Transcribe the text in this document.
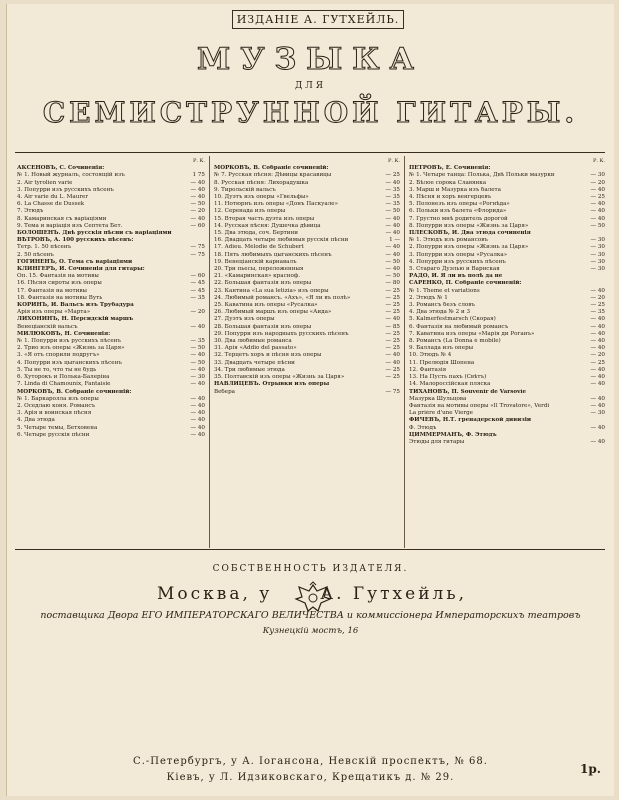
ИЗДАНІЕ А. ГУТХЕЙЛЬ.
МУЗЫКА
ДЛЯ
СЕМИСТРУННОЙ ГИТАРЫ.
Р. К.
АКСЕНОВЪ, С. Сочиненія:
№ 1. Новый журналъ, состоящій изъ	1 75
2. Air tyrolien varie	— 40
3. Попурри изъ русскихъ пѣсенъ	— 40
4. Air varie du L. Maurer	— 40
6. La Chasse de Dussek	— 50
7. Этюдъ	— 20
8. Камаринская съ варіаціями	— 40
9. Тема и варіація изъ Септета Бет.	— 60
БОЛОШЕНЪ. Двѣ русскія пѣсни съ варіаціями
ВѢТРОВЪ, А. 100 русскихъ пѣсенъ:
Тетр. 1. 50 пѣсенъ	— 75
2. 50 пѣсенъ	— 75
ГОГИНЕНЪ, О. Тема съ варіаціями
КЛИНГЕРЪ, И. Сочиненія для гитары:
Оп. 15. Фантазія на мотивы	— 60
16. Пѣсня сироты изъ оперы	— 45
17. Фантазія на мотивы	— 45
18. Фантазія на мотивы Вуть	— 35
КОРИНЪ, И. Вальсъ изъ Трубадура
Арія изъ оперы «Марта»	— 20
ЛИХОНИНЪ, Н. Персидскій маршъ
Венеціанскій вальсъ	— 40
МИЛЮКОВЪ, Н. Сочиненія:
№ 1. Попурри изъ русскихъ пѣсенъ	— 35
2. Трио изъ оперы «Жизнь за Царя»	— 50
3. «Я отъ спорили подругъ»	— 40
4. Попурри изъ цыганскихъ пѣсенъ	— 50
5. Ты не то, что ты не будь	— 40
6. Хуторокъ и Полька-Балеріна	— 30
7. Linda di Chamounix, Fantaisie	— 40
МОРКОВЪ, В. Собраніе сочиненій:
№ 1. Баркаролла изъ оперы	— 40
2. Оседлаю коня. Романсъ	— 40
3. Арія и воинская пѣсня	— 40
4. Два этюда	— 40
5. Четыре темы, Бетховена	— 40
6. Четыре русскія пѣсни	— 40
Р. К.
МОРКОВЪ, В. Собраніе сочиненій:
№ 7. Русская пѣсня: Дѣвицы красавицы	— 25
8. Русская пѣсня: Лихорадушка	— 40
9. Тирольскій вальсъ	— 35
10. Дуэтъ изъ оперы «Гвельфы»	— 35
11. Нотюрнъ изъ оперы «Донъ Паскуале»	— 35
12. Серенада изъ оперы	— 50
15. Вторая часть дуэта изъ оперы	— 40
14. Русская пѣсня: Душечка дѣвица	— 40
15. Два этюда, соч. Бертини	— 40
16. Двадцать четыре любимыя русскія пѣсни	1 —
17. Adieu. Mélodie de Schubert	— 40
18. Пять любимыхъ цыганскихъ пѣсенъ	— 40
19. Венеціанскій карнавалъ	— 50
20. Три пьесы, переложенныя	— 40
21. «Камаринская» красноф.	— 50
22. Большая фантазія изъ оперы	— 80
23. Кантина «La sua letizia» изъ оперы	— 25
24. Любимый романсъ. «Ахъ», «Я ли въ полѣ»	— 25
25. Каватина изъ оперы «Русалка»	— 25
26. Любимый маршъ изъ оперы «Аида»	— 25
27. Дуэтъ изъ оперы	— 40
28. Большая фантазія изъ оперы	— 85
29. Попурри изъ народныхъ русскихъ пѣсенъ	— 25
30. Два любимые романса	— 25
31. Арія «Addio del passato»	— 25
32. Терцетъ хоръ и пѣсня изъ оперы	— 40
33. Двадцать четыре пѣсни	— 40
34. Три любимые этюда	— 25
35. Полтавскій изъ оперы «Жизнь за Царя»	— 25
НАВЛИЦЕВЪ. Отрывки изъ оперы
Вебера	— 75
Р. К.
ПЕТРОВЪ, Е. Сочиненія:
№ 1. Четыре танца: Полька, Двѣ Польки мазурки	— 30
2. Бѣлое сорока Славянка	— 20
3. Марш и Мазурка изъ балета	— 40
4. Пѣсня и хоръ венгерцевъ	— 25
5. Полонезъ изъ оперы «Рогнѣда»	— 40
6. Польки изъ балета «Флорида»	— 40
7. Грустно мнѣ родитель дорогой	— 40
8. Попурри изъ оперы «Жизнь за Царя»	— 50
ПЛЕСКОВЪ, И. Два этюда сочиненія
№ 1. Этюдъ изъ романсовъ	— 30
2. Попурри изъ оперы «Жизнь за Царя»	— 30
3. Попурри изъ оперы «Русалка»	— 30
4. Попурри изъ русскихъ пѣсенъ	— 30
5. Стараго Дуэлью и Варнская	— 30
РАДО, И. Я ли въ полѣ да не
САРЕНКО, П. Собраніе сочиненій:
№ 1. Theme et variations	— 40
2. Этюдъ № 1	— 20
3. Романсъ безъ словъ	— 25
4. Два этюда № 2 и 3	— 35
5. Kalmerfestmarsch (Скорая)	— 40
6. Фантазія на любимый романсъ	— 40
7. Каватина изъ оперы «Марія ди Роганъ»	— 40
8. Романсъ (La Donna è mobile)	— 40
9. Баллада изъ оперы	— 40
10. Этюдъ № 4	— 20
11. Прелюдія Шопена	— 25
12. Фантазія	— 40
13. На Пусть пахъ (Свѣтъ)	— 40
14. Малороссійская пляска	— 40
ТИХАНОВЪ, П. Souvenir de Varsovie
Мазурка Шульцова	— 40
Фантазія на мотивы оперы «Il Trovatore», Verdi	— 40
La prière d'une Vierge	— 30
ФИЧЕВЪ, Н.Т. гренадерской дивизіи
Ф. Этюдъ	— 40
ЦИММЕРМАНЪ, Ф. Этюдъ
Этюды для гитары	— 40
СОБСТВЕННОСТЬ ИЗДАТЕЛЯ.
Москва, у	А. Гутхейль,
поставщика Двора ЕГО ИМПЕРАТОРСКАГО ВЕЛИЧЕСТВА и коммиссіонера Императорскихъ театровъ
Кузнецкій мостъ, 16
С.-Петербургъ, у А. Іогансона, Невскій проспектъ, № 68.
Кіевъ, у Л. Идзиковскаго, Крещатикъ д. № 29.
1р.
